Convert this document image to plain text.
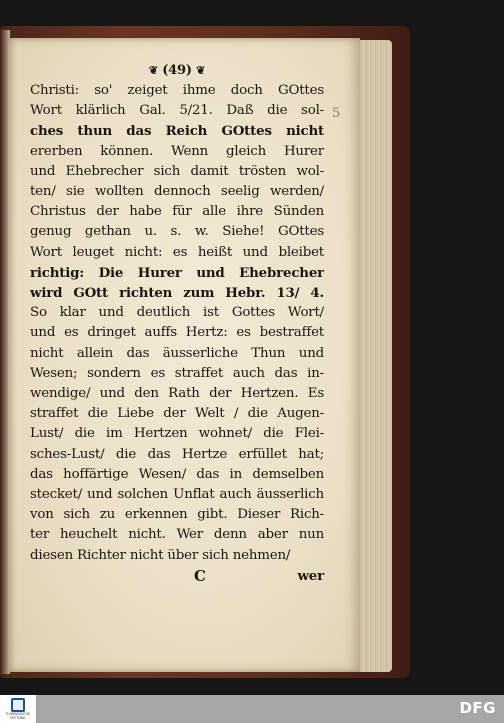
❦ (49) ❦
Christi: so' zeiget ihme doch GOttes
Wort klärlich Gal. 5/21. Daß die sol-
ches thun das Reich GOttes nicht
ererben können. Wenn gleich Hurer
und Ehebrecher sich damit trösten wol-
ten/ sie wollten dennoch seelig werden/
Christus der habe für alle ihre Sünden
genug gethan u. s. w. Siehe! GOttes
Wort leuget nicht: es heißt und bleibet
richtig: Die Hurer und Ehebrecher
wird GOtt richten zum Hebr. 13/ 4.
So klar und deutlich ist Gottes Wort/
und es dringet auffs Hertz: es bestraffet
nicht allein das äusserliche Thun und
Wesen; sondern es straffet auch das in-
wendige/ und den Rath der Hertzen. Es
straffet die Liebe der Welt / die Augen-
Lust/ die im Hertzen wohnet/ die Flei-
sches-Lust/ die das Hertze erfüllet hat;
das hoffärtige Wesen/ das in demselben
stecket/ und solchen Unflat auch äusserlich
von sich zu erkennen gibt. Dieser Rich-
ter heuchelt nicht. Wer denn aber nun
diesen Richter nicht über sich nehmen/
C	wer
5
THÜRINGISCHE
STIFTUNG
DFG
